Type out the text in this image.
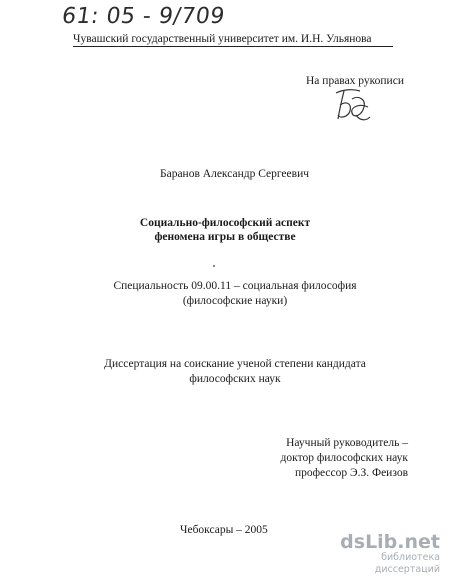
61: 05 - 9/709
Чувашский государственный университет им. И.Н. Ульянова
На правах рукописи
Баранов Александр Сергеевич
Социально-философский аспект
феномена игры в обществе
Специальность 09.00.11 – социальная философия
(философские науки)
Диссертация на соискание ученой степени кандидата
философских наук
Научный руководитель –
доктор философских наук
профессор Э.З. Феизов
Чебоксары – 2005
dsLib.net
библиотека диссертаций
